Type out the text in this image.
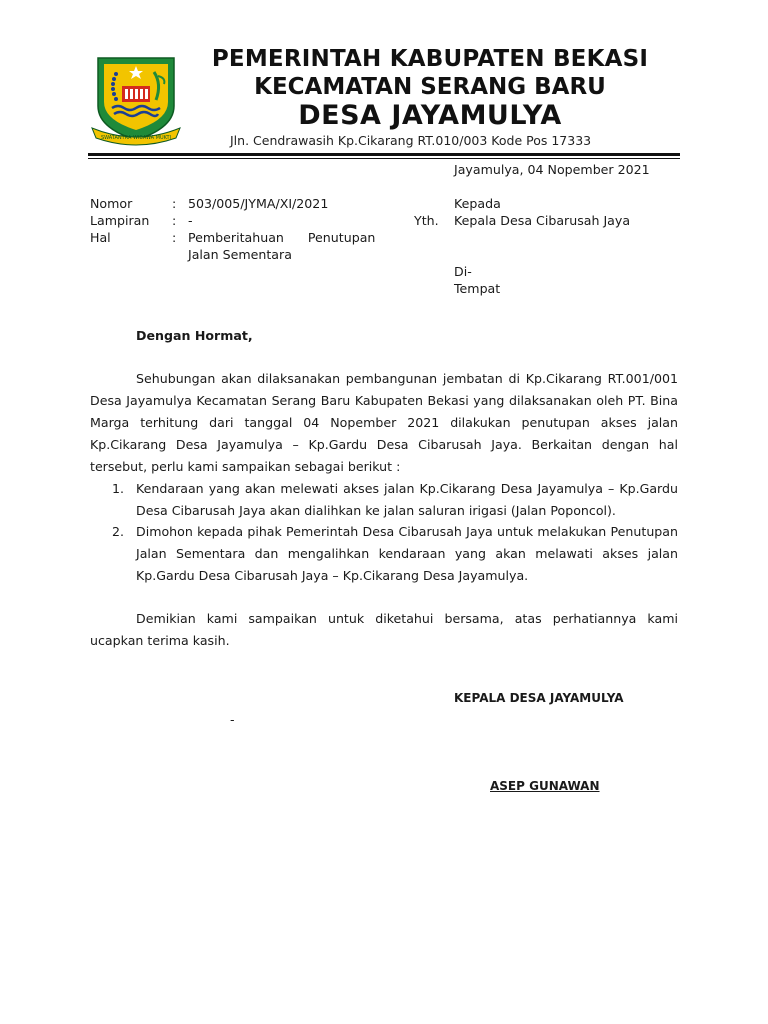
SWATANTRA WIBAWA MUKTI
PEMERINTAH KABUPATEN BEKASI
KECAMATAN SERANG BARU
DESA JAYAMULYA
Jln. Cendrawasih Kp.Cikarang RT.010/003 Kode Pos 17333
Jayamulya, 04 Nopember 2021
Nomor	: 503/005/JYMA/XI/2021
Lampiran : -
Hal	: Pemberitahuan      Penutupan
Jalan Sementara
Kepada
Yth. Kepala Desa Cibarusah Jaya
Di-
Tempat
Dengan Hormat,
Sehubungan akan dilaksanakan pembangunan jembatan di Kp.Cikarang RT.001/001 Desa Jayamulya Kecamatan Serang Baru Kabupaten Bekasi yang dilaksanakan oleh PT. Bina Marga terhitung dari tanggal 04 Nopember 2021 dilakukan penutupan akses jalan Kp.Cikarang Desa Jayamulya – Kp.Gardu Desa Cibarusah Jaya. Berkaitan dengan hal tersebut, perlu kami sampaikan sebagai berikut :
1. Kendaraan yang akan melewati akses jalan Kp.Cikarang Desa Jayamulya – Kp.Gardu Desa Cibarusah Jaya akan dialihkan ke jalan saluran irigasi (Jalan Poponcol).
2. Dimohon kepada pihak Pemerintah Desa Cibarusah Jaya untuk melakukan Penutupan Jalan Sementara dan mengalihkan kendaraan yang akan melawati akses jalan Kp.Gardu Desa Cibarusah Jaya – Kp.Cikarang Desa Jayamulya.
Demikian kami sampaikan untuk diketahui bersama, atas perhatiannya kami ucapkan terima kasih.
KEPALA DESA JAYAMULYA
-
ASEP GUNAWAN
